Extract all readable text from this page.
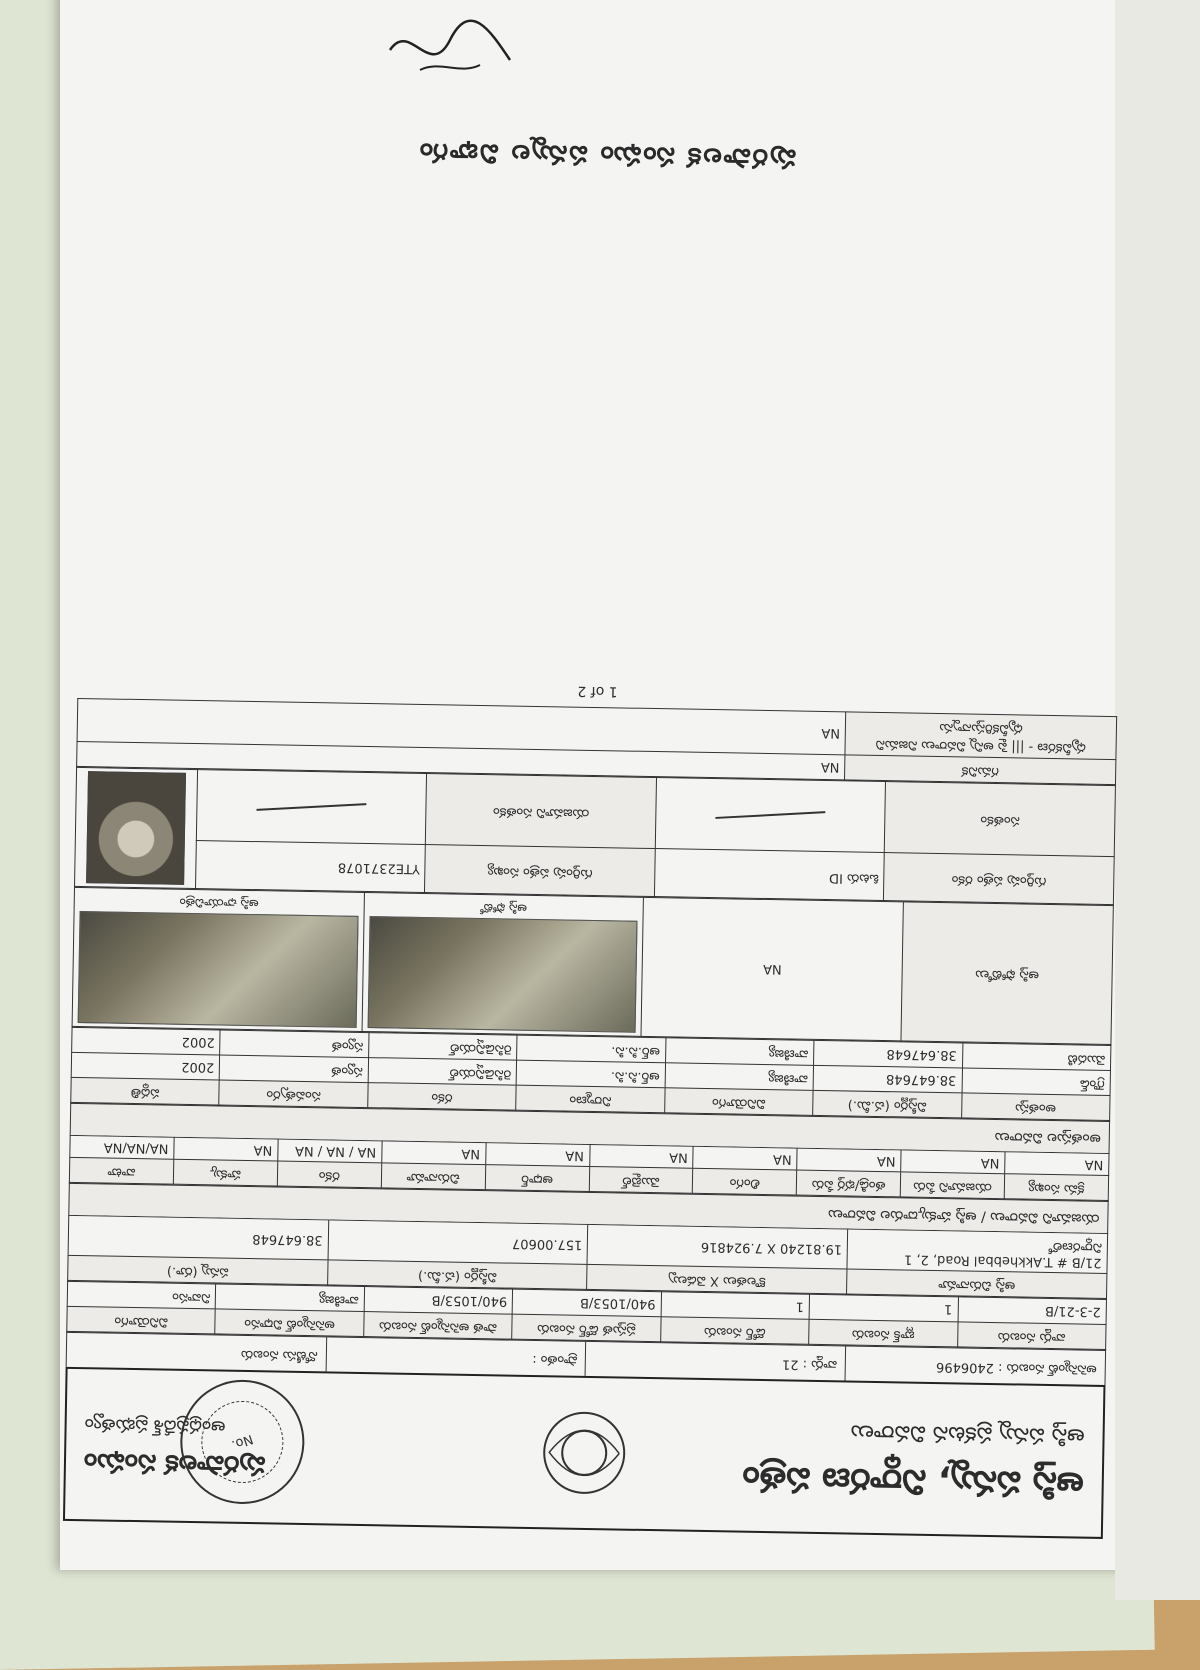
ఆస్తి పన్ను, నిర్ధారణ పత్రం
ఆస్తి పన్ను ప్రకటన వివరాలు
పురపాలక సంఘం
ఆంధ్రప్రదేశ్ ప్రభుత్వం
No.
అసెస్మెంట్ నంబరు : 2406496
వార్డు : 21
ప్రాంతం :
నోటీసు నంబరు
వార్డు నంబరు	బ్లాక్ నంబరు	డోర్ నంబరు	ప్రస్తుత డోర్ నంబరు	పాత అసెస్మెంట్ నంబరు	అసెస్మెంట్ విధానం	వినియోగం
2-3-21/B	1	1	940/1053/B	940/1053/B	వాణిజ్య	నివాసం
ఆస్తి చిరునామా	కొలతలు X వెడల్పు	విస్తీర్ణం (చ.మీ.)	పన్ను (రూ.)
21/B # T.Akkhebbal Road, 2, 1 నిర్ధారణలో	19.81240 X 7.924816	157.00607	38.647648
యజమాని వివరాలు / ఆస్తి హక్కుదారుల వివరాలు
క్రమ సంఖ్య	యజమాని పేరు	తండ్రి/భర్త పేరు	లింగం	మొబైల్	ఆధార్	చిరునామా	రకం	హక్కు	వాటా
NA	NA	NA	NA	NA	NA	NA	NA / NA / NA	NA	NA/NA/NA
అంతస్తుల వివరాలు
అంతస్తు	విస్తీర్ణం (చ.మీ.)	వినియోగం	నిర్మాణం	రకం	సంవత్సరం	పద్ధతి
గ్రౌండ్	38.647648	వాణిజ్య	ఆర్.సి.సి.	రెసిడెన్షియల్	స్వంత	2002
మొదటి	38.647648	వాణిజ్య	ఆర్.సి.సి.	రెసిడెన్షియల్	స్వంత	2002
ఆస్తి ఫోటోలు	NA	
ఆస్తి ఫోటో

ఆస్తి ఛాయాచిత్రం
గుర్తింపు పత్రం రకం	ఓటరు ID	గుర్తింపు పత్రం సంఖ్య	YTE2371078	

సంతకం		యజమాని సంతకం		
గమనిక	NA
ధృవీకరణ - ||| పై అన్ని వివరాలు నిజమని ధృవీకరిస్తున్నాను	NA
1 of 2
పురపాలక సంఘం పన్నుల విభాగం
